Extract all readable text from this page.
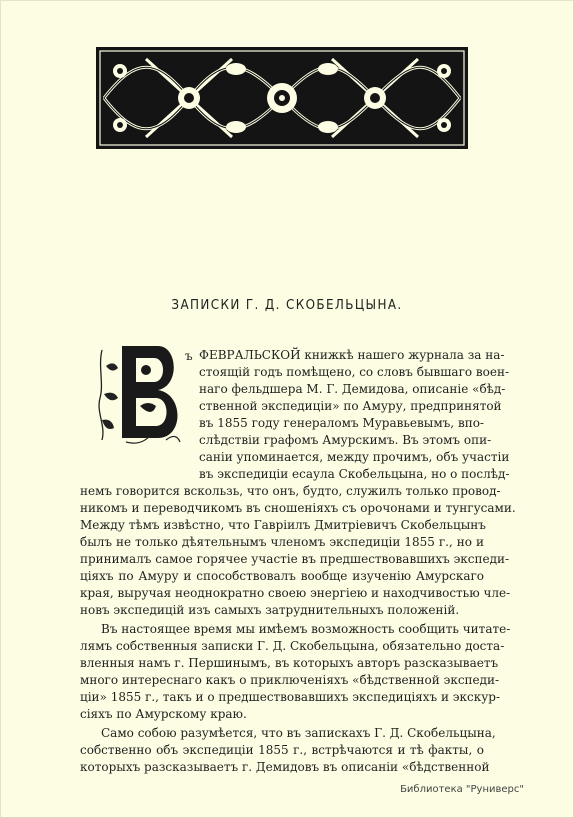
ЗАПИСКИ Г. Д. СКОБЕЛЬЦЫНА.
ъ ФЕВРАЛЬСКОЙ книжкѣ нашего журнала за на-

стоящій годъ помѣщено, со словъ бывшаго воен-

наго фельдшера М. Г. Демидова, описаніе «бѣд-

ственной экспедиціи» по Амуру, предпринятой

въ 1855 году генераломъ Муравьевымъ, впо-

слѣдствіи графомъ Амурскимъ. Въ этомъ опи-

саніи упоминается, между прочимъ, объ участіи

въ экспедиціи есаула Скобельцына, но о послѣд-

немъ говорится вскользь, что онъ, будто, служилъ только провод-

никомъ и переводчикомъ въ сношеніяхъ съ орочонами и тунгусами.

Между тѣмъ извѣстно, что Гавріилъ Дмитріевичъ Скобельцынъ

былъ не только дѣятельнымъ членомъ экспедиціи 1855 г., но и

принималъ самое горячее участіе въ предшествовавшихъ экспеди-

ціяхъ по Амуру и способствовалъ вообще изученію Амурскаго

края, выручая неоднократно своею энергіею и находчивостью чле-

новъ экспедицій изъ самыхъ затруднительныхъ положеній.

Въ настоящее время мы имѣемъ возможность сообщить читате-

лямъ собственныя записки Г. Д. Скобельцына, обязательно доста-

вленныя намъ г. Першинымъ, въ которыхъ авторъ разсказываетъ

много интереснаго какъ о приключеніяхъ «бѣдственной экспеди-

ціи» 1855 г., такъ и о предшествовавшихъ экспедиціяхъ и экскур-

сіяхъ по Амурскому краю.

Само собою разумѣется, что въ запискахъ Г. Д. Скобельцына,

собственно объ экспедиціи 1855 г., встрѣчаются и тѣ факты, о

которыхъ разсказываетъ г. Демидовъ въ описаніи «бѣдственной

Библиотека "Руниверс"
